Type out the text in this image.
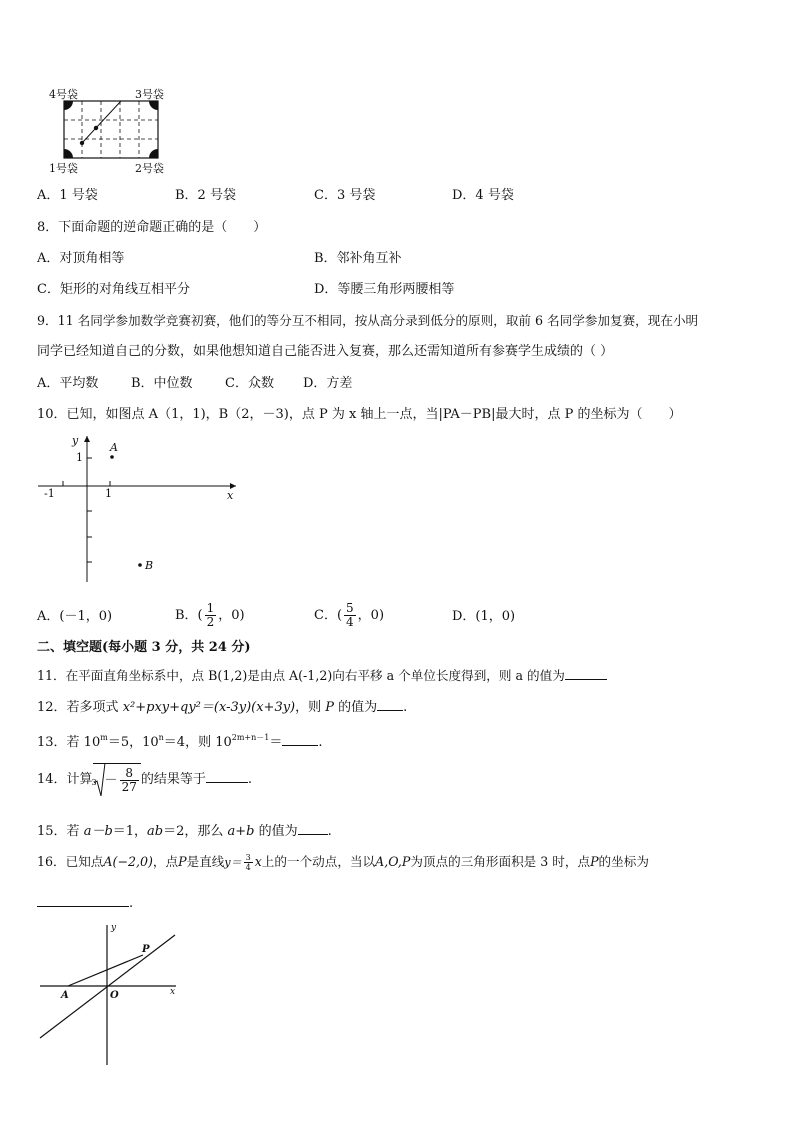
4号袋	3号袋
1号袋	2号袋
A．1 号袋	B．2 号袋	C．3 号袋	D．4 号袋
8．下面命题的逆命题正确的是（　　）
A．对顶角相等	B．邻补角互补
C．矩形的对角线互相平分	D．等腰三角形两腰相等
9．11 名同学参加数学竞赛初赛，他们的等分互不相同，按从高分录到低分的原则，取前 6 名同学参加复赛，现在小明
同学已经知道自己的分数，如果他想知道自己能否进入复赛，那么还需知道所有参赛学生成绩的（ ）
A．平均数	B．中位数 C．众数 D．方差
10．已知，如图点 A（1，1)，B（2，－3)，点 P 为 x 轴上一点，当|PA－PB|最大时，点 P 的坐标为（　　）
y
A
1
-1	1	x
B
A．(－1，0)	B．( $\frac{1}{2}$ ，0)	C．( $\frac{5}{4}$ ，0)	D．(1，0)
二、填空题(每小题 3 分，共 24 分)
11．在平面直角坐标系中，点 B(1,2)是由点 A(-1,2)向右平移 a 个单位长度得到，则 a 的值为
12．若多项式 x²+pxy+qy²＝(x-3y)(x+3y)，则 P 的值为 .
13．若 $10^m=5$，$10^n=4$，则 $10^{2m+n-1}=$	.
14．计算 $3 - \frac{8}{27}$ 的结果等于	.
15．若 a－b＝1，ab＝2，那么 a+b 的值为 .
16．已知点A(−2,0)，点P是直线$y= \frac{3}{4}$ x上的一个动点，当以A,O,P为顶点的三角形面积是 3 时，点P的坐标为
.
y
P
A	O	x
